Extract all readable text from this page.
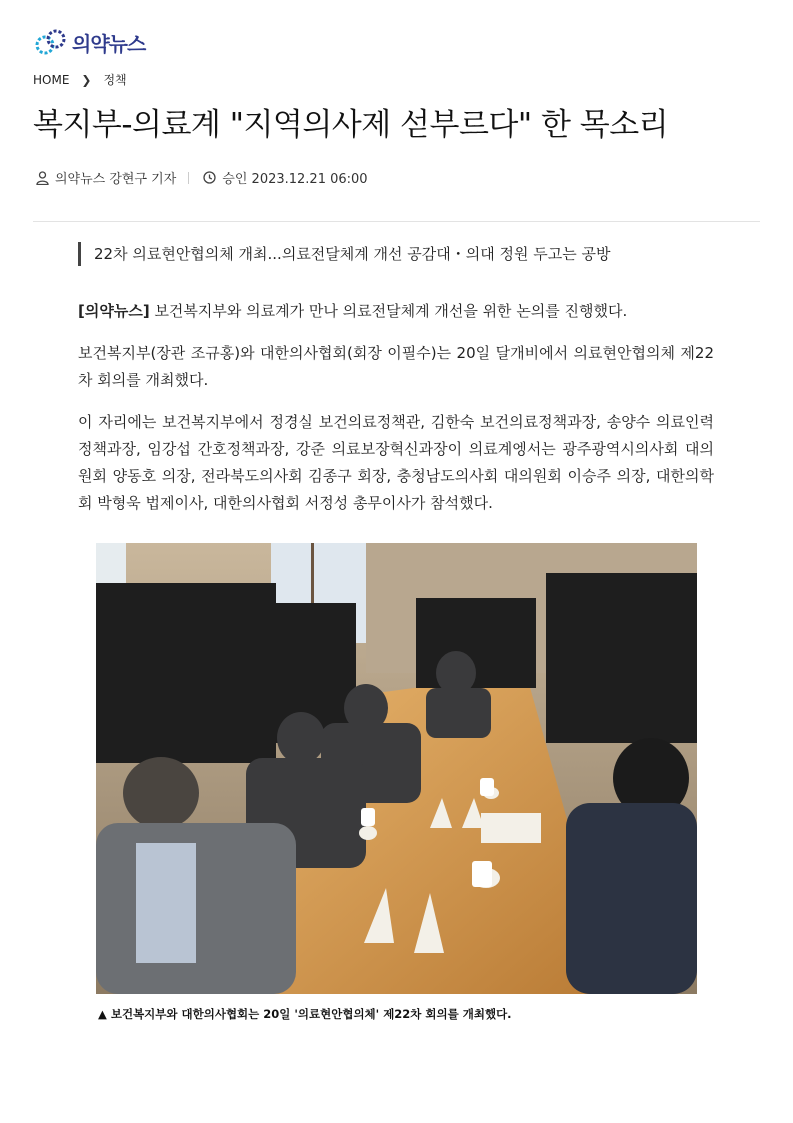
의약뉴스
HOME ❯ 정책
복지부-의료계 "지역의사제 섣부르다" 한 목소리
의약뉴스 강현구 기자	승인 2023.12.21 06:00
22차 의료현안협의체 개최...의료전달체계 개선 공감대・의대 정원 두고는 공방

[의약뉴스] 보건복지부와 의료계가 만나 의료전달체계 개선을 위한 논의를 진행했다.

보건복지부(장관 조규홍)와 대한의사협회(회장 이필수)는 20일 달개비에서 의료현안협의체 제22차 회의를 개최했다.

이 자리에는 보건복지부에서 정경실 보건의료정책관, 김한숙 보건의료정책과장, 송양수 의료인력정책과장, 임강섭 간호정책과장, 강준 의료보장혁신과장이 의료계엥서는 광주광역시의사회 대의원회 양동호 의장, 전라북도의사회 김종구 회장, 충청남도의사회 대의원회 이승주 의장, 대한의학회 박형욱 법제이사, 대한의사협회 서정성 총무이사가 참석했다.

▲ 보건복지부와 대한의사협회는 20일 '의료현안협의체' 제22차 회의를 개최했다.
